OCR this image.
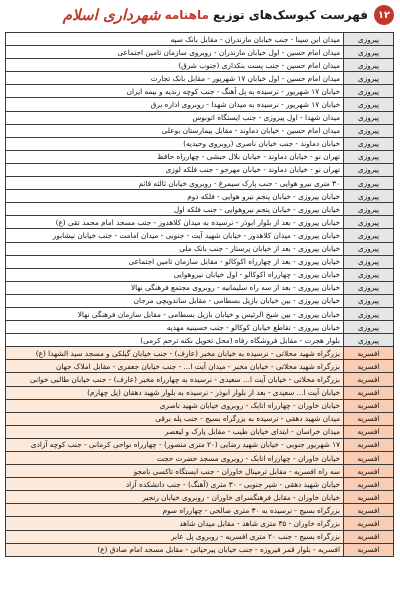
۱۲
فهرست کیوسک‌های توزیع
ماهنامه
شهرداری اسلام
پیروزی	میدان ابن سینا - جنب خیابان مازندران - مقابل بانک سپه
پیروزی	میدان امام حسین - اول خیابان مازندران - روبروی سازمان تامین اجتماعی
پیروزی	میدان امام حسین - جنب پست بنکداری (جنوب شرق)
پیروزی	میدان امام حسین - اول خیابان ۱۷ شهریور - مقابل بانک تجارت
پیروزی	خیابان ۱۷ شهریور - نرسیده به پل آهنگ - جنب کوچه زندیه و بیمه ایران
پیروزی	خیابان ۱۷ شهریور - نرسیده به میدان شهدا - روبروی اداره برق
پیروزی	میدان شهدا - اول پیروزی - جنب ایستگاه اتوبوس
پیروزی	میدان امام حسین - خیابان دماوند - مقابل بیمارستان بوعلی
پیروزی	خیابان دماوند - جنب خیابان ناصری (روبروی وحیدیه)
پیروزی	تهران نو - خیابان دماوند - خیابان بلال حبشی - چهارراه حافظ
پیروزی	تهران نو - خیابان دماوند - خیابان مهرجو - جنب فلکه لوزی
پیروزی	۳۰ متری نیرو هوایی - جنب پارک سیمرغ - روبروی خیابان ثالثه قائم
پیروزی	خیابان پیروزی - خیابان پنجم نیرو هوایی - فلکه دوم
پیروزی	خیابان پیروزی - خیابان پنجم نیروهوایی - جنب فلکه اول
پیروزی	خیابان پیروزی - بعد از بلوار ابوذر - نرسیده به میدان کلاهدوز - جنب مسجد امام محمد تقی (ع)
پیروزی	خیابان پیروزی - میدان کلاهدوز - خیابان شهید آیت - جنوبی - میدان امامت - جنب خیابان نیشابور
پیروزی	خیابان پیروزی - بعد از خیابان پرستار - جنب بانک ملی
پیروزی	خیابان پیروزی - بعد از چهارراه اکوکالو - مقابل سازمان تامین اجتماعی
پیروزی	خیابان پیروزی - چهارراه اکوکالو - اول خیابان نیروهوایی
پیروزی	خیابان پیروزی - بعد از سه راه سلیمانیه - روبروی مجتمع فرهنگی نهالا
پیروزی	خیابان پیروزی - بین خیابان بازیل بسطامی - مقابل ساندویچی مرجان
پیروزی	خیابان پیروزی - بین شیخ الرئیس و خیابان بازیل بسطامی - مقابل سازمان فرهنگی نهالا
پیروزی	خیابان پیروزی - تقاطع خیابان کوکالو - جنب حسینیه مهدیه
پیروزی	بلوار هجرت - مقابل فروشگاه رفاه (محل تحویل نکته ترحم کرمی)
افسریه	بزرگراه شهید محلاتی - نرسیده به خیابان مخبر (عارف) - جنب خیابان گیلکی و مسجد سید الشهدا (ع)
افسریه	بزرگراه شهید محلاتی - خیابان مخبر - میدان آیت ا... - جنب خیابان جعفری - مقابل املاک جهان
افسریه	بزرگراه محلاتی - خیابان آیت ا... سعیدی - نرسیده به چهارراه مخبر (عارف) - جنب خیابان طالبی خوانی
افسریه	خیابان آیت ا... سعیدی - بعد از بلوار ابوذر - نرسیده به بلوار شهید دهقان (پل چهارم)
افسریه	خیابان خاوران - چهارراه اتابک - روبروی خیابان شهید ناصری
افسریه	میدان شهید دهقی - نرسیده به بزرگراه بسیج - جنب پله برقی
افسریه	میدان خراسان - ابتدای خیابان طیب - مقابل پارک و لیعصر
افسریه	۱۷ شهریور جنوبی - خیابان شهید رضایی (۲۰ متری منصور) - چهارراه نواحی کرمانی - جنب کوچه آزادی
افسریه	خیابان خاوران - چهارراه اتابک - روبروی مسجد حضرت حجت
افسریه	سه راه افسریه - مقابل ترمینال خاوران - جنب ایستگاه تاکسی نامجو
افسریه	خیابان شهید دهقی - شیر جنوبی - ۳۰ متری (آهنگ) - جنب دانشکده آزاد
افسریه	خیابان خاوران - مقابل فرهنگسرای خاوران - روبروی خیابان رنجبر
افسریه	بزرگراه بسیج - نرسیده به ۳۰ متری صالحی - چهارراه سوم
افسریه	بزرگراه خاوران - ۳۵ متری شاهد - مقابل میدان شاهد
افسریه	بزرگراه بسیج - جنب ۲۰ متری افسریه - روبروی پل عابر
افسریه	افسریه - بلوار قمر فیروزه - جنب خیابان پیرحیاتی - مقابل مسجد امام صادق (ع)
